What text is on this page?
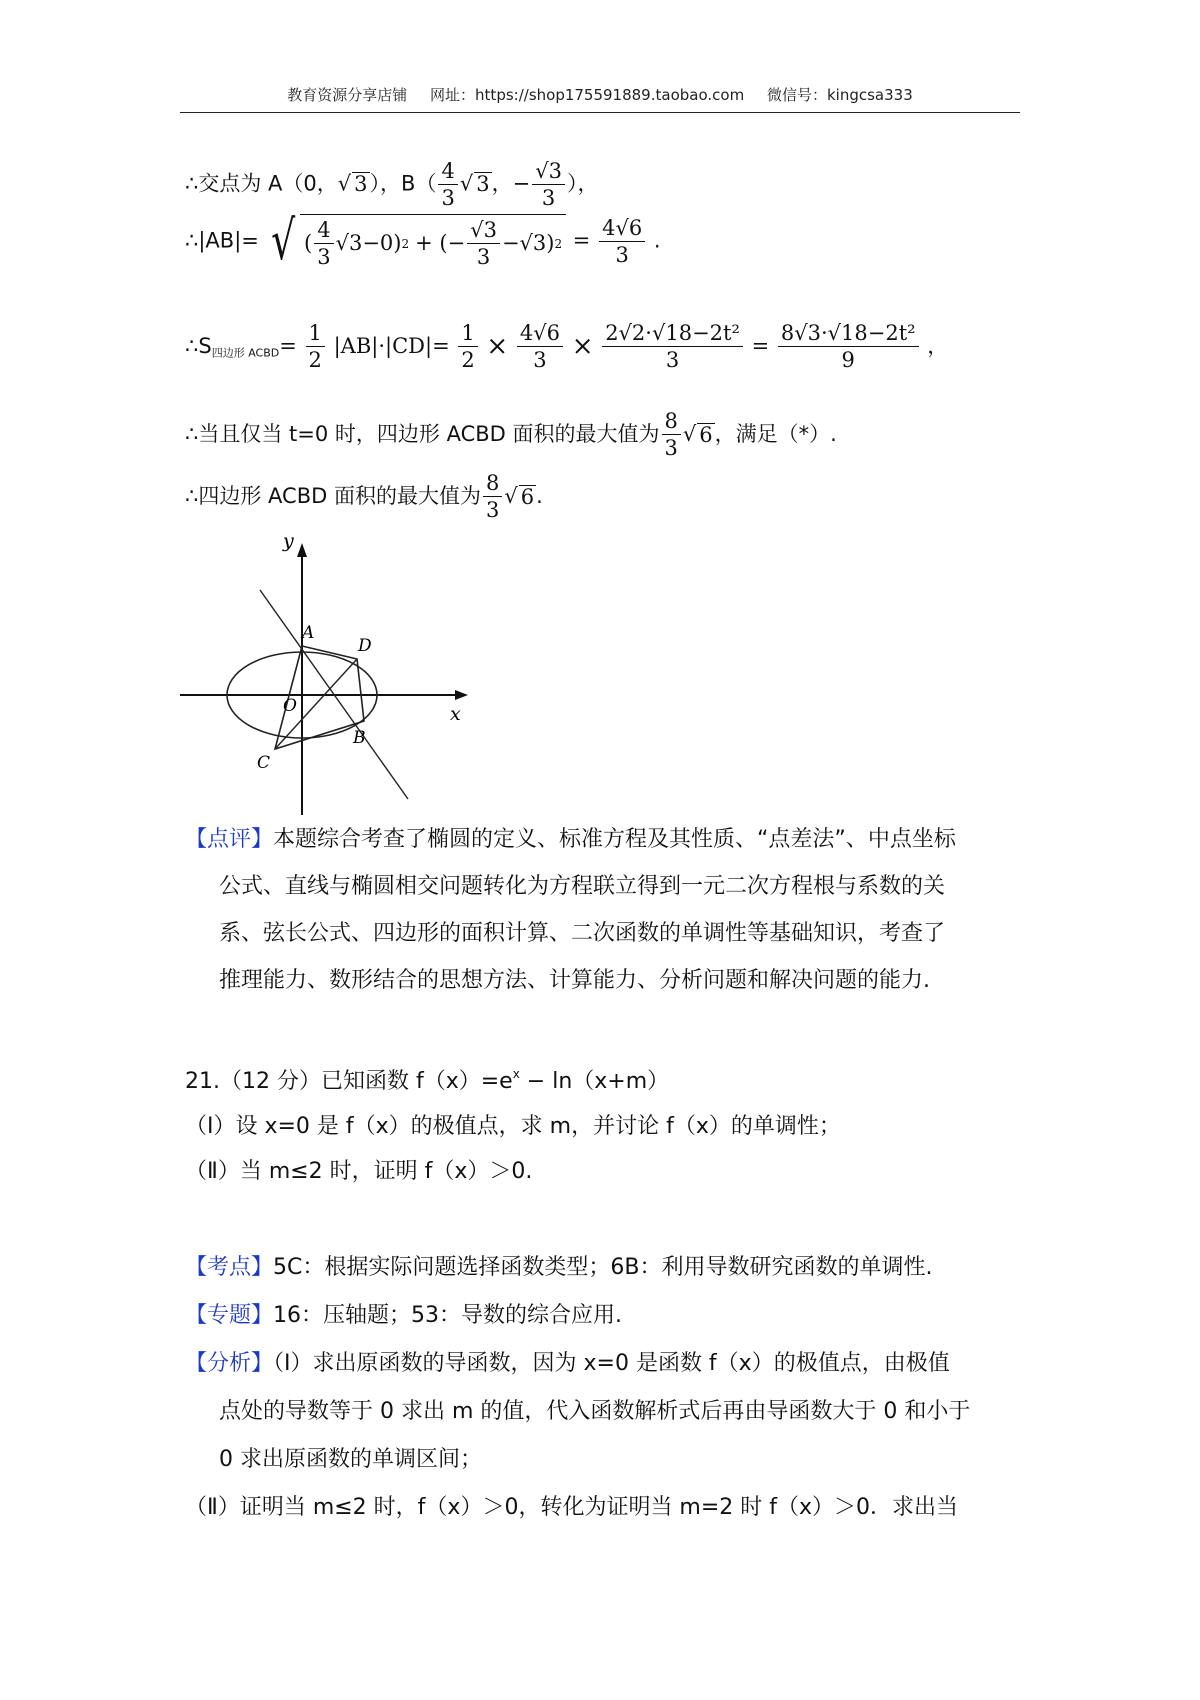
教育资源分享店铺 网址：https://shop175591889.taobao.com 微信号：kingcsa333
∴交点为 A（0，√ 3），$B( \frac{4}{3}$ √ 3，− $\frac{√3}{3}$ ），
∴|AB|= √ ( $\frac{4}{3} √3-0$) 2 + (− $\frac{√3}{3} -√3$) $2 = \frac{4√6}{3}$ .
$\therefore S_{四边形 ACBD}= \frac{1}{2} |AB|\cdot|CD|= \frac{1}{2} \times \frac{4√6}{3} \times \frac{\text{2√2·√18−2t²}}{3} = \frac{\text{8√3·√18−2t²}}{9}$ ，
∴当且仅当 t=0 时，四边形 ACBD 面积的最大值为 $\frac{8}{3}$ √ 6，满足（*）.
∴四边形 ACBD 面积的最大值为 $\frac{8}{3}$ √ 6.
y
x
A
D
O
B
C
【点评】本题综合考查了椭圆的定义、标准方程及其性质、“点差法”、中点坐标
公式、直线与椭圆相交问题转化为方程联立得到一元二次方程根与系数的关
系、弦长公式、四边形的面积计算、二次函数的单调性等基础知识，考查了
推理能力、数形结合的思想方法、计算能力、分析问题和解决问题的能力.
21.（12 分）已知函数 $f(x)=e^x - \ln(x+m)$
（I）设 x=0 是 f（x）的极值点，求 m，并讨论 f（x）的单调性；
（Ⅱ）当 m≤2 时，证明 f（x）＞0.
【考点】5C：根据实际问题选择函数类型；6B：利用导数研究函数的单调性.
【专题】16：压轴题；53：导数的综合应用.
【分析】（Ⅰ）求出原函数的导函数，因为 x=0 是函数 f（x）的极值点，由极值
点处的导数等于 0 求出 m 的值，代入函数解析式后再由导函数大于 0 和小于
0 求出原函数的单调区间；
（Ⅱ）证明当 m≤2 时，f（x）＞0，转化为证明当 m=2 时 f（x）＞0．求出当
